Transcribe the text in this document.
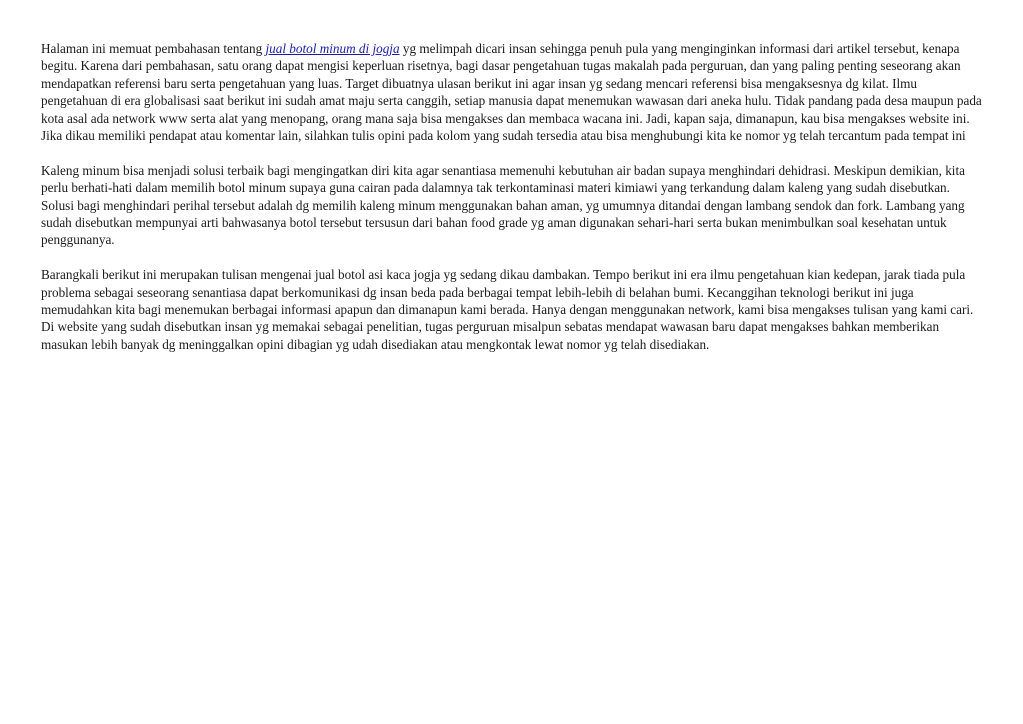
Halaman ini memuat pembahasan tentang jual botol minum di jogja yg melimpah dicari insan sehingga penuh pula yang menginginkan informasi dari artikel tersebut, kenapa begitu. Karena dari pembahasan, satu orang dapat mengisi keperluan risetnya, bagi dasar pengetahuan tugas makalah pada perguruan, dan yang paling penting seseorang akan mendapatkan referensi baru serta pengetahuan yang luas. Target dibuatnya ulasan berikut ini agar insan yg sedang mencari referensi bisa mengaksesnya dg kilat. Ilmu pengetahuan di era globalisasi saat berikut ini sudah amat maju serta canggih, setiap manusia dapat menemukan wawasan dari aneka hulu. Tidak pandang pada desa maupun pada kota asal ada network www serta alat yang menopang, orang mana saja bisa mengakses dan membaca wacana ini. Jadi, kapan saja, dimanapun, kau bisa mengakses website ini. Jika dikau memiliki pendapat atau komentar lain, silahkan tulis opini pada kolom yang sudah tersedia atau bisa menghubungi kita ke nomor yg telah tercantum pada tempat ini

Kaleng minum bisa menjadi solusi terbaik bagi mengingatkan diri kita agar senantiasa memenuhi kebutuhan air badan supaya menghindari dehidrasi. Meskipun demikian, kita perlu berhati-hati dalam memilih botol minum supaya guna cairan pada dalamnya tak terkontaminasi materi kimiawi yang terkandung dalam kaleng yang sudah disebutkan. Solusi bagi menghindari perihal tersebut adalah dg memilih kaleng minum menggunakan bahan aman, yg umumnya ditandai dengan lambang sendok dan fork. Lambang yang sudah disebutkan mempunyai arti bahwasanya botol tersebut tersusun dari bahan food grade yg aman digunakan sehari-hari serta bukan menimbulkan soal kesehatan untuk penggunanya.

Barangkali berikut ini merupakan tulisan mengenai jual botol asi kaca jogja yg sedang dikau dambakan. Tempo berikut ini era ilmu pengetahuan kian kedepan, jarak tiada pula problema sebagai seseorang senantiasa dapat berkomunikasi dg insan beda pada berbagai tempat lebih-lebih di belahan bumi. Kecanggihan teknologi berikut ini juga memudahkan kita bagi menemukan berbagai informasi apapun dan dimanapun kami berada. Hanya dengan menggunakan network, kami bisa mengakses tulisan yang kami cari. Di website yang sudah disebutkan insan yg memakai sebagai penelitian, tugas perguruan misalpun sebatas mendapat wawasan baru dapat mengakses bahkan memberikan masukan lebih banyak dg meninggalkan opini dibagian yg udah disediakan atau mengkontak lewat nomor yg telah disediakan.
